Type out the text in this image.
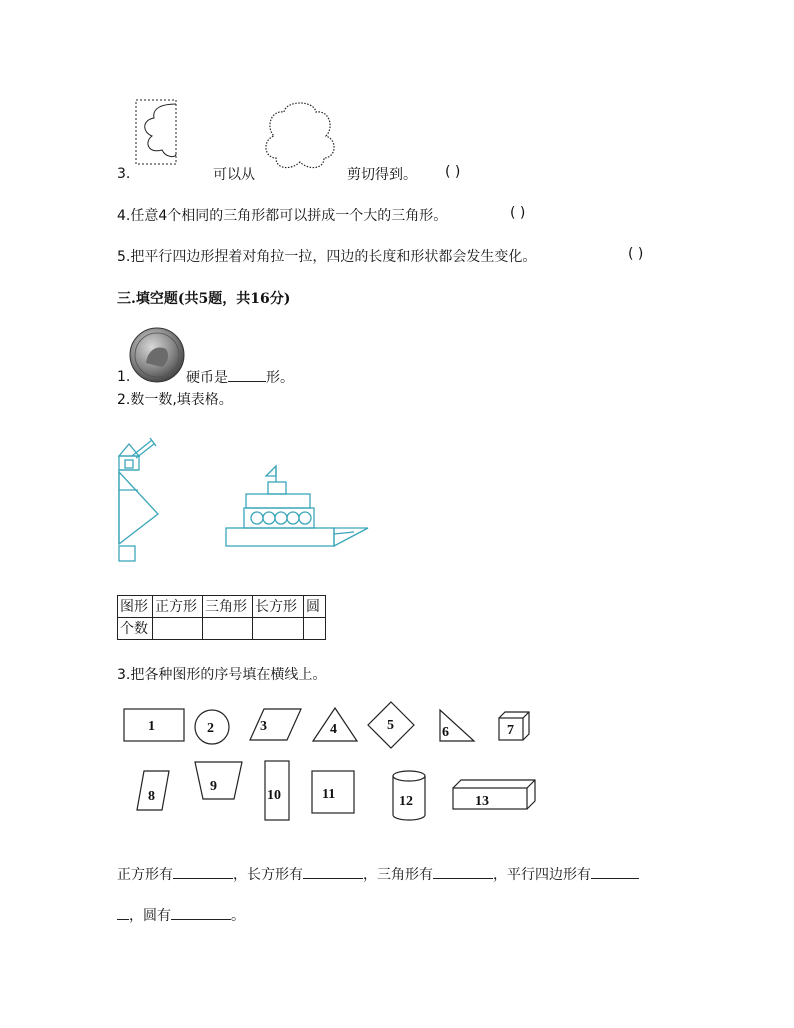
3.	可以从	剪切得到。 ( )
4.任意4个相同的三角形都可以拼成一个大的三角形。	( )
5.把平行四边形捏着对角拉一拉，四边的长度和形状都会发生变化。	( )
三.填空题(共5题，共16分)
1.	硬币是	形。
2.数一数,填表格。
图形	正方形	三角形	长方形	圆
个数				
3.把各种图形的序号填在横线上。
1	2	3	4	5	6	7
8
9
10	11	12	13
正方形有	，长方形有	，三角形有	，平行四边形有
，圆有	。
